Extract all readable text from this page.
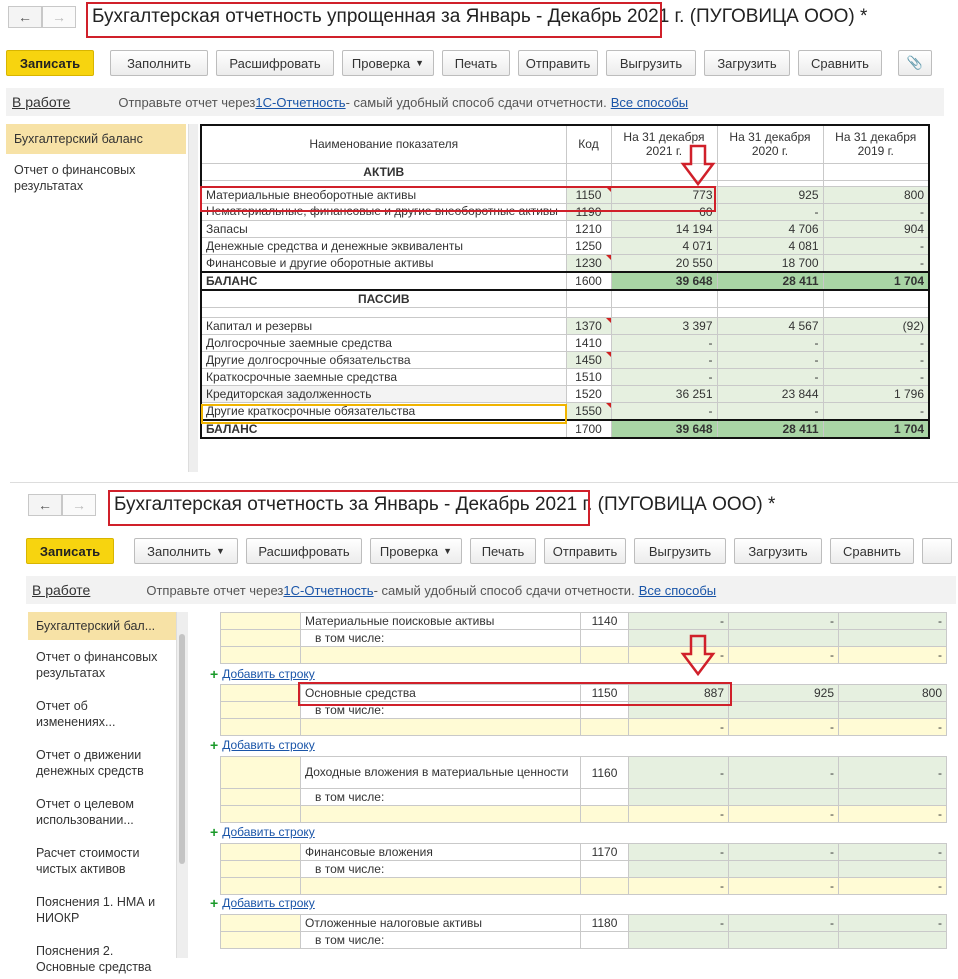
← → Бухгалтерская отчетность упрощенная за Январь - Декабрь 2021 г. (ПУГОВИЦА ООО) *
Записать	Заполнить	Расшифровать	Проверка ▼	Печать	Отправить	Выгрузить	Загрузить	Сравнить	📎
В работе	Отправьте отчет через 1С-Отчетность - самый удобный способ сдачи отчетности. Все способы
Бухгалтерский баланс
Отчет о финансовых результатах
Наименование показателя	Код	На 31 декабря 2021 г.	На 31 декабря 2020 г.	На 31 декабря 2019 г.
АКТИВ				

Материальные внеоборотные активы	1150	773	925	800
Нематериальные, финансовые и другие внеоборотные активы	1190	60	-	-
Запасы	1210	14 194	4 706	904
Денежные средства и денежные эквиваленты	1250	4 071	4 081	-
Финансовые и другие оборотные активы	1230	20 550	18 700	-
БАЛАНС	1600	39 648	28 411	1 704
ПАССИВ				

Капитал и резервы	1370	3 397	4 567	(92)
Долгосрочные заемные средства	1410	-	-	-
Другие долгосрочные обязательства	1450	-	-	-
Краткосрочные заемные средства	1510	-	-	-
Кредиторская задолженность	1520	36 251	23 844	1 796
Другие краткосрочные обязательства	1550	-	-	-
БАЛАНС	1700	39 648	28 411	1 704
← → Бухгалтерская отчетность за Январь - Декабрь 2021 г. (ПУГОВИЦА ООО) *
Записать	Заполнить ▼	Расшифровать	Проверка ▼	Печать	Отправить	Выгрузить	Загрузить	Сравнить
В работе	Отправьте отчет через 1С-Отчетность - самый удобный способ сдачи отчетности. Все способы
Бухгалтерский бал...
Отчет о финансовых результатах
Отчет об изменениях...
Отчет о движении денежных средств
Отчет о целевом использовании...
Расчет стоимости чистых активов
Пояснения 1. НМА и НИОКР
Пояснения 2. Основные средства
	Материальные поисковые активы	1140	-	-	-
	в том числе:				
			-	-	-
+ Добавить строку
	Основные средства	1150	887	925	800
	в том числе:				
			-	-	-
+ Добавить строку
	Доходные вложения в материальные ценности	1160	-	-	-
	в том числе:				
			-	-	-
+ Добавить строку
	Финансовые вложения	1170	-	-	-
	в том числе:				
			-	-	-
+ Добавить строку
	Отложенные налоговые активы	1180	-	-	-
	в том числе:				
